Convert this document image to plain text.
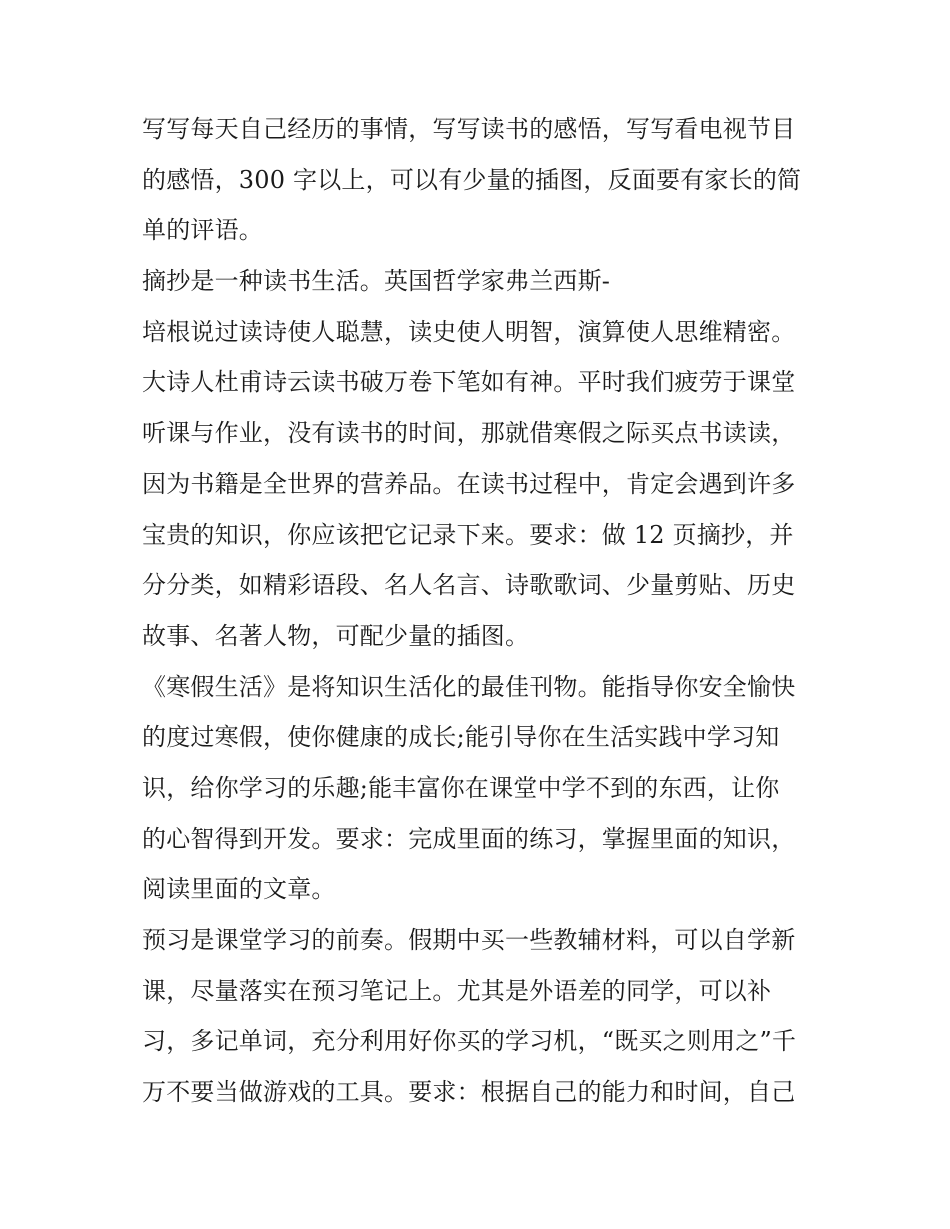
写写每天自己经历的事情，写写读书的感悟，写写看电视节目
的感悟，300 字以上，可以有少量的插图，反面要有家长的简
单的评语。
摘抄是一种读书生活。英国哲学家弗兰西斯-
培根说过读诗使人聪慧，读史使人明智，演算使人思维精密。
大诗人杜甫诗云读书破万卷下笔如有神。平时我们疲劳于课堂
听课与作业，没有读书的时间，那就借寒假之际买点书读读，
因为书籍是全世界的营养品。在读书过程中，肯定会遇到许多
宝贵的知识，你应该把它记录下来。要求：做 12 页摘抄，并
分分类，如精彩语段、名人名言、诗歌歌词、少量剪贴、历史
故事、名著人物，可配少量的插图。
《寒假生活》是将知识生活化的最佳刊物。能指导你安全愉快
的度过寒假，使你健康的成长;能引导你在生活实践中学习知
识，给你学习的乐趣;能丰富你在课堂中学不到的东西，让你
的心智得到开发。要求：完成里面的练习，掌握里面的知识，
阅读里面的文章。
预习是课堂学习的前奏。假期中买一些教辅材料，可以自学新
课，尽量落实在预习笔记上。尤其是外语差的同学，可以补
习，多记单词，充分利用好你买的学习机，“既买之则用之”千
万不要当做游戏的工具。要求：根据自己的能力和时间，自己
